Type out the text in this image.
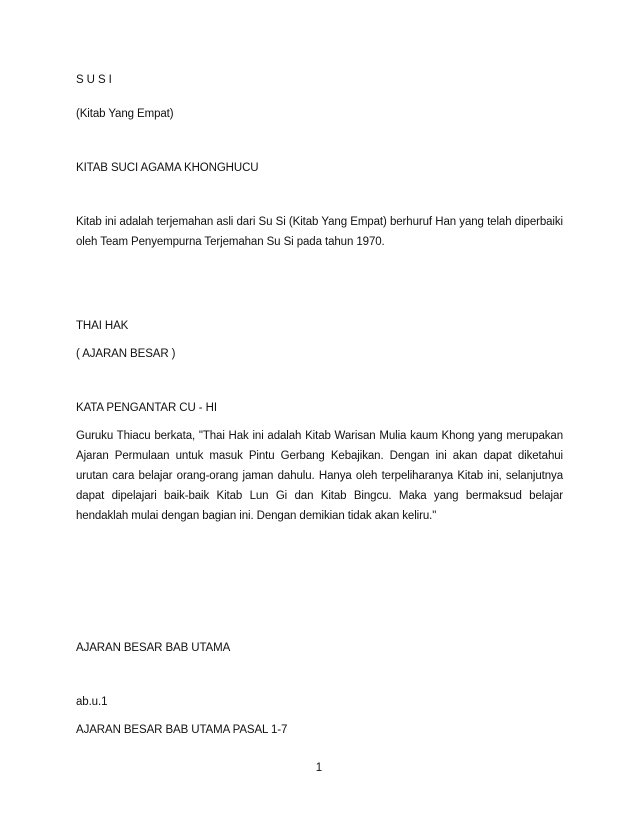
S U S I
(Kitab Yang Empat)
KITAB SUCI AGAMA KHONGHUCU
Kitab ini adalah terjemahan asli dari Su Si (Kitab Yang Empat) berhuruf Han yang telah diperbaiki oleh Team Penyempurna Terjemahan Su Si pada tahun 1970.
THAI HAK
( AJARAN BESAR )
KATA PENGANTAR CU - HI
Guruku Thiacu berkata, "Thai Hak ini adalah Kitab Warisan Mulia kaum Khong yang merupakan Ajaran Permulaan untuk masuk Pintu Gerbang Kebajikan. Dengan ini akan dapat diketahui urutan cara belajar orang-orang jaman dahulu. Hanya oleh terpeliharanya Kitab ini, selanjutnya dapat dipelajari baik-baik Kitab Lun Gi dan Kitab Bingcu. Maka yang bermaksud belajar hendaklah mulai dengan bagian ini. Dengan demikian tidak akan keliru."
AJARAN BESAR BAB UTAMA
ab.u.1
AJARAN BESAR BAB UTAMA PASAL 1-7
1
